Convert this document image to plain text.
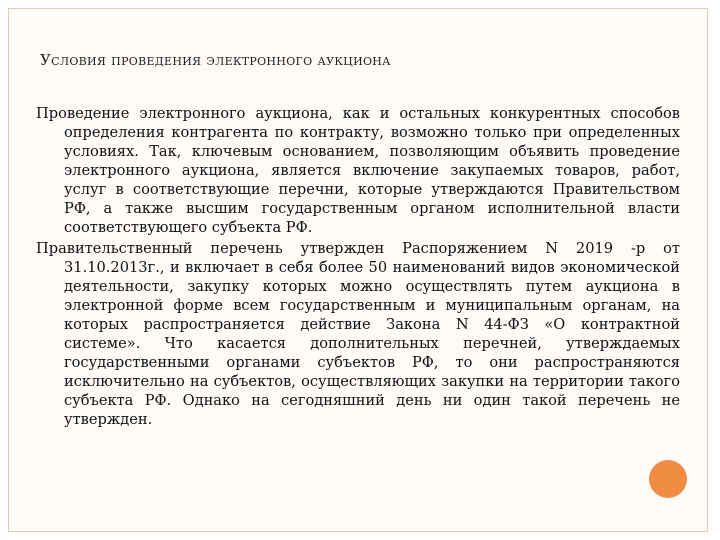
Условия проведения электронного аукциона

Проведение электронного аукциона, как и остальных конкурентных способов определения контрагента по контракту, возможно только при определенных условиях. Так, ключевым основанием, позволяющим объявить проведение электронного аукциона, является включение закупаемых товаров, работ, услуг в соответствующие перечни, которые утверждаются Правительством РФ, а также высшим государственным органом исполнительной власти соответствующего субъекта РФ.

Правительственный перечень утвержден Распоряжением N 2019 -р от 31.10.2013г., и включает в себя более 50 наименований видов экономической деятельности, закупку которых можно осуществлять путем аукциона в электронной форме всем государственным и муниципальным органам, на которых распространяется действие Закона N 44-ФЗ «О контрактной системе». Что касается дополнительных перечней, утверждаемых государственными органами субъектов РФ, то они распространяются исключительно на субъектов, осуществляющих закупки на территории такого субъекта РФ. Однако на сегодняшний день ни один такой перечень не утвержден.
